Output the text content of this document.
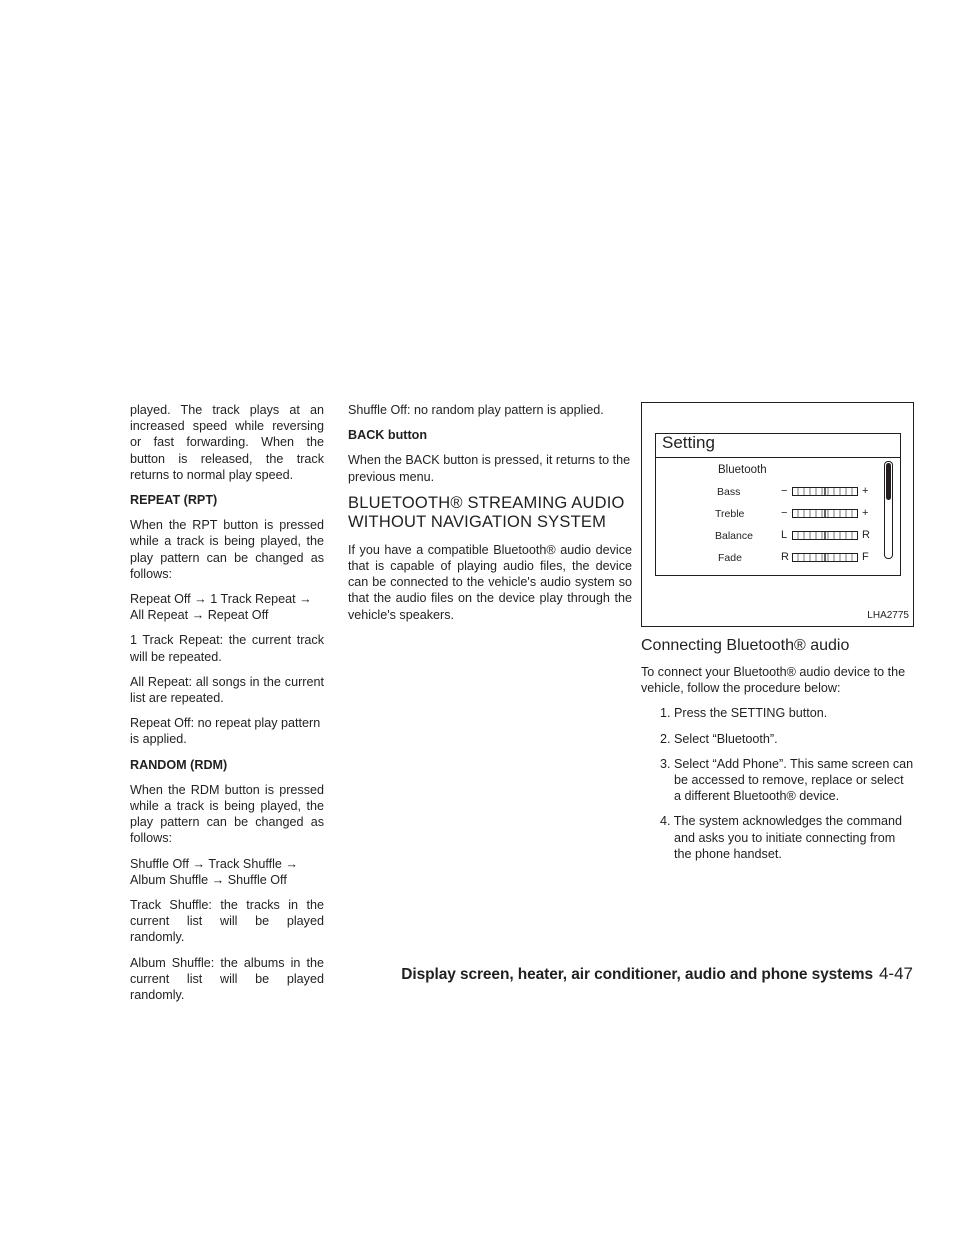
played. The track plays at an increased speed while reversing or fast forwarding. When the button is released, the track returns to normal play speed.

REPEAT (RPT)

When the RPT button is pressed while a track is being played, the play pattern can be changed as follows:

Repeat Off → 1 Track Repeat → All Repeat → Repeat Off

1 Track Repeat: the current track will be repeated.

All Repeat: all songs in the current list are repeated.

Repeat Off: no repeat play pattern is applied.

RANDOM (RDM)

When the RDM button is pressed while a track is being played, the play pattern can be changed as follows:

Shuffle Off → Track Shuffle → Album Shuffle → Shuffle Off

Track Shuffle: the tracks in the current list will be played randomly.

Album Shuffle: the albums in the current list will be played randomly.

Shuffle Off: no random play pattern is applied.

BACK button

When the BACK button is pressed, it returns to the previous menu.

BLUETOOTH® STREAMING AUDIO WITHOUT NAVIGATION SYSTEM

If you have a compatible Bluetooth® audio device that is capable of playing audio files, the device can be connected to the vehicle's audio system so that the audio files on the device play through the vehicle's speakers.

Setting
Bluetooth
Bass
Treble
Balance
Fade
−	+
−	+
L	R
R	F
LHA2775
Connecting Bluetooth® audio

To connect your Bluetooth® audio device to the vehicle, follow the procedure below:

1. Press the SETTING button.
2. Select “Bluetooth”.
3. Select “Add Phone”. This same screen can be accessed to remove, replace or select a different Bluetooth® device.
4. The system acknowledges the command and asks you to initiate connecting from the phone handset.
Display screen, heater, air conditioner, audio and phone systems 4-47
